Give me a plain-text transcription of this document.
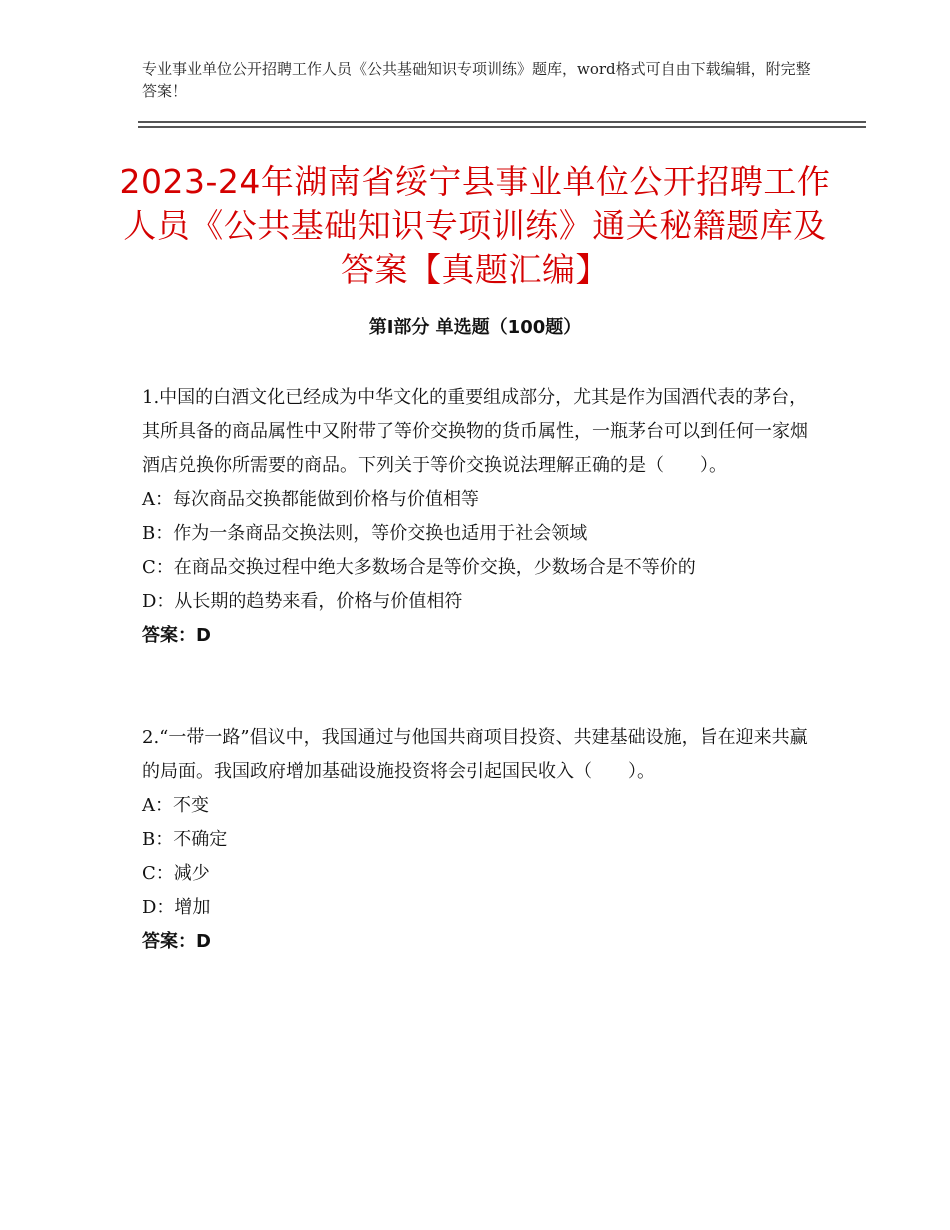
专业事业单位公开招聘工作人员《公共基础知识专项训练》题库，word格式可自由下载编辑，附完整答案！
2023-24年湖南省绥宁县事业单位公开招聘工作人员《公共基础知识专项训练》通关秘籍题库及答案【真题汇编】
第Ⅰ部分 单选题（100题）

1.中国的白酒文化已经成为中华文化的重要组成部分，尤其是作为国酒代表的茅台，其所具备的商品属性中又附带了等价交换物的货币属性，一瓶茅台可以到任何一家烟酒店兑换你所需要的商品。下列关于等价交换说法理解正确的是（　　）。

A：每次商品交换都能做到价格与价值相等

B：作为一条商品交换法则，等价交换也适用于社会领域

C：在商品交换过程中绝大多数场合是等价交换，少数场合是不等价的

D：从长期的趋势来看，价格与价值相符

答案：D

2.“一带一路”倡议中，我国通过与他国共商项目投资、共建基础设施，旨在迎来共赢的局面。我国政府增加基础设施投资将会引起国民收入（　　）。

A：不变

B：不确定

C：减少

D：增加

答案：D
